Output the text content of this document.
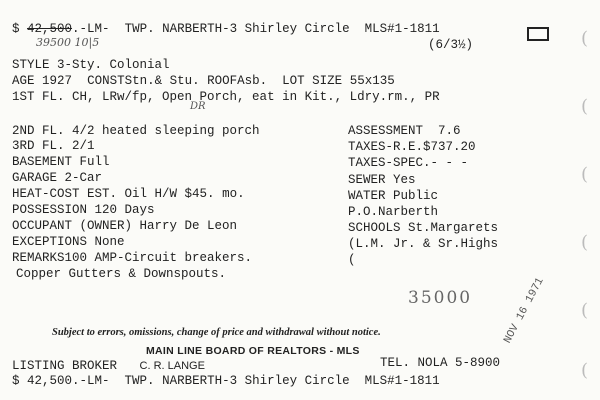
$ 42,500.-LM- TWP. NARBERTH-3 Shirley Circle MLS#1-1811
39500 10|5	(6/3½)
STYLE 3-Sty. Colonial
AGE 1927 CONSTStn.& Stu. ROOFAsb. LOT SIZE 55x135
1ST FL. CH, LRw/fp, Open Porch, eat in Kit., Ldry.rm., PR
DR
2ND FL. 4/2 heated sleeping porch
3RD FL. 2/1
BASEMENT Full
GARAGE 2-Car
HEAT-COST EST. Oil H/W $45. mo.
POSSESSION 120 Days
OCCUPANT (OWNER) Harry De Leon
EXCEPTIONS None
REMARKS100 AMP-Circuit breakers.
Copper Gutters & Downspouts.
ASSESSMENT 7.6
TAXES-R.E.$737.20
TAXES-SPEC.- - -
SEWER Yes
WATER Public
P.O.Narberth
SCHOOLS St.Margarets
(L.M. Jr. & Sr.Highs
(
35000	NOV 16 1971
Subject to errors, omissions, change of price and withdrawal without notice.
MAIN LINE BOARD OF REALTORS - MLS
LISTING BROKER C. R. LANGE	TEL. NOLA 5-8900
$ 42,500.-LM- TWP. NARBERTH-3 Shirley Circle MLS#1-1811
(
(
(
(
(
(
